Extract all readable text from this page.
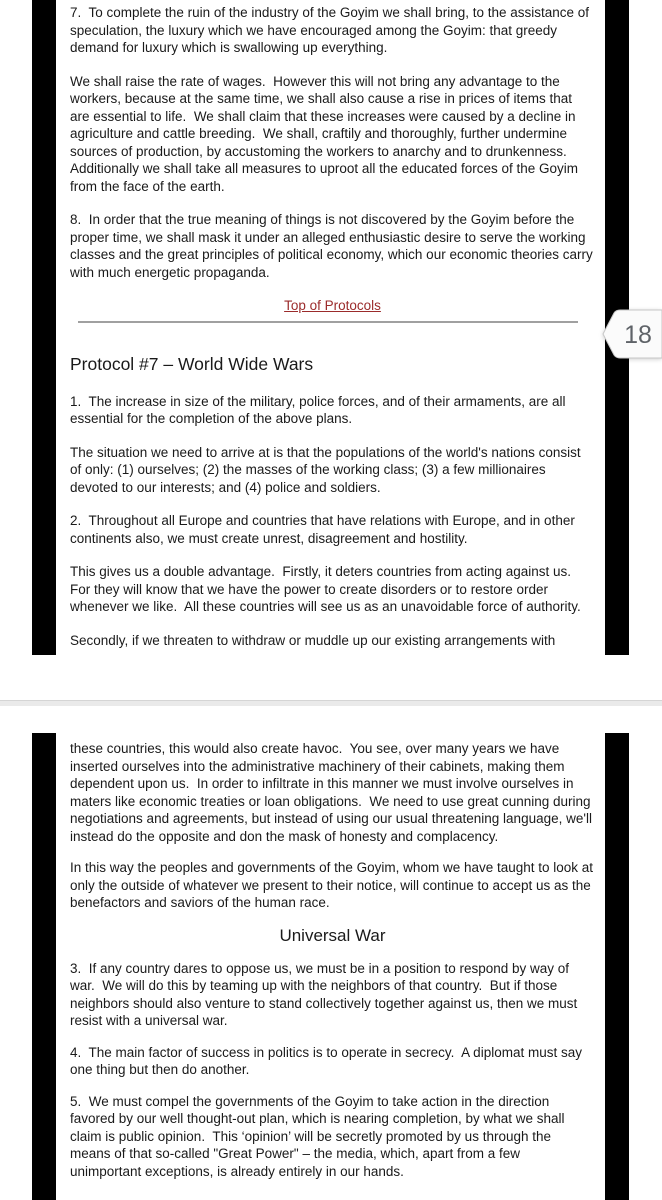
7.  To complete the ruin of the industry of the Goyim we shall bring, to the assistance of speculation, the luxury which we have encouraged among the Goyim: that greedy demand for luxury which is swallowing up everything.

We shall raise the rate of wages.  However this will not bring any advantage to the workers, because at the same time, we shall also cause a rise in prices of items that are essential to life.  We shall claim that these increases were caused by a decline in agriculture and cattle breeding.  We shall, craftily and thoroughly, further undermine sources of production, by accustoming the workers to anarchy and to drunkenness.  Additionally we shall take all measures to uproot all the educated forces of the Goyim from the face of the earth.

8.  In order that the true meaning of things is not discovered by the Goyim before the proper time, we shall mask it under an alleged enthusiastic desire to serve the working classes and the great principles of political economy, which our economic theories carry with much energetic propaganda.

Top of Protocols
Protocol #7 – World Wide Wars

1.  The increase in size of the military, police forces, and of their armaments, are all essential for the completion of the above plans.

The situation we need to arrive at is that the populations of the world's nations consist of only: (1) ourselves; (2) the masses of the working class; (3) a few millionaires devoted to our interests; and (4) police and soldiers.

2.  Throughout all Europe and countries that have relations with Europe, and in other continents also, we must create unrest, disagreement and hostility.

This gives us a double advantage.  Firstly, it deters countries from acting against us.  For they will know that we have the power to create disorders or to restore order whenever we like.  All these countries will see us as an unavoidable force of authority.

Secondly, if we threaten to withdraw or muddle up our existing arrangements with

these countries, this would also create havoc.  You see, over many years we have inserted ourselves into the administrative machinery of their cabinets, making them dependent upon us.  In order to infiltrate in this manner we must involve ourselves in maters like economic treaties or loan obligations.  We need to use great cunning during negotiations and agreements, but instead of using our usual threatening language, we'll instead do the opposite and don the mask of honesty and complacency.

In this way the peoples and governments of the Goyim, whom we have taught to look at only the outside of whatever we present to their notice, will continue to accept us as the benefactors and saviors of the human race.

Universal War

3.  If any country dares to oppose us, we must be in a position to respond by way of war.  We will do this by teaming up with the neighbors of that country.  But if those neighbors should also venture to stand collectively together against us, then we must resist with a universal war.

4.  The main factor of success in politics is to operate in secrecy.  A diplomat must say one thing but then do another.

5.  We must compel the governments of the Goyim to take action in the direction favored by our well thought-out plan, which is nearing completion, by what we shall claim is public opinion.  This ‘opinion’ will be secretly promoted by us through the means of that so-called "Great Power" – the media, which, apart from a few unimportant exceptions, is already entirely in our hands.

18
